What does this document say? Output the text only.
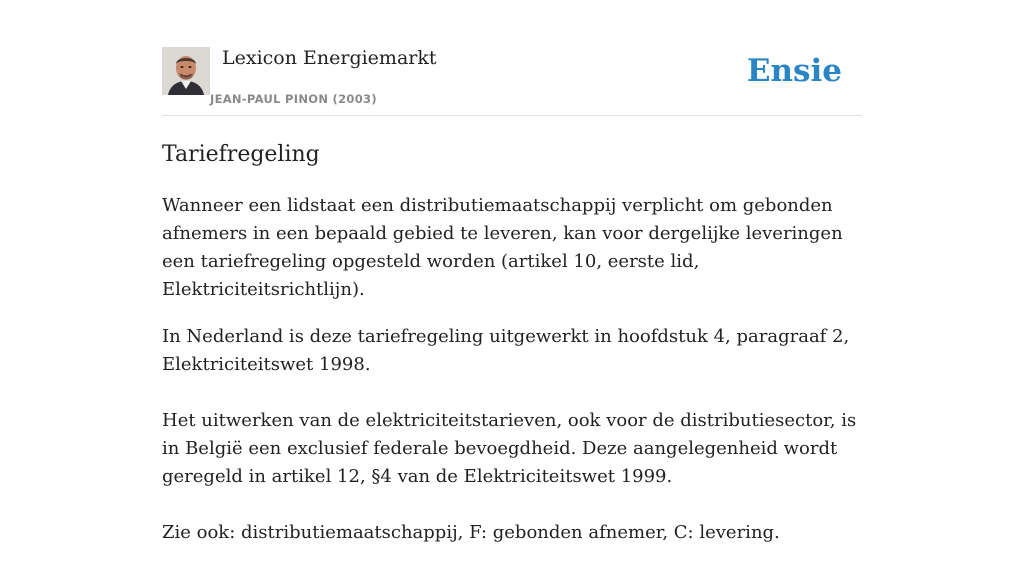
Lexicon Energiemarkt
JEAN-PAUL PINON (2003)
Ensie
Tariefregeling

Wanneer een lidstaat een distributiemaatschappij verplicht om gebonden afnemers in een bepaald gebied te leveren, kan voor dergelijke leveringen een tariefregeling opgesteld worden (artikel 10, eerste lid, Elektriciteitsrichtlijn).

In Nederland is deze tariefregeling uitgewerkt in hoofdstuk 4, paragraaf 2, Elektriciteitswet 1998.

Het uitwerken van de elektriciteitstarieven, ook voor de distributiesector, is in België een exclusief federale bevoegdheid. Deze aangelegenheid wordt geregeld in artikel 12, §4 van de Elektriciteitswet 1999.

Zie ook: distributiemaatschappij, F: gebonden afnemer, C: levering.
